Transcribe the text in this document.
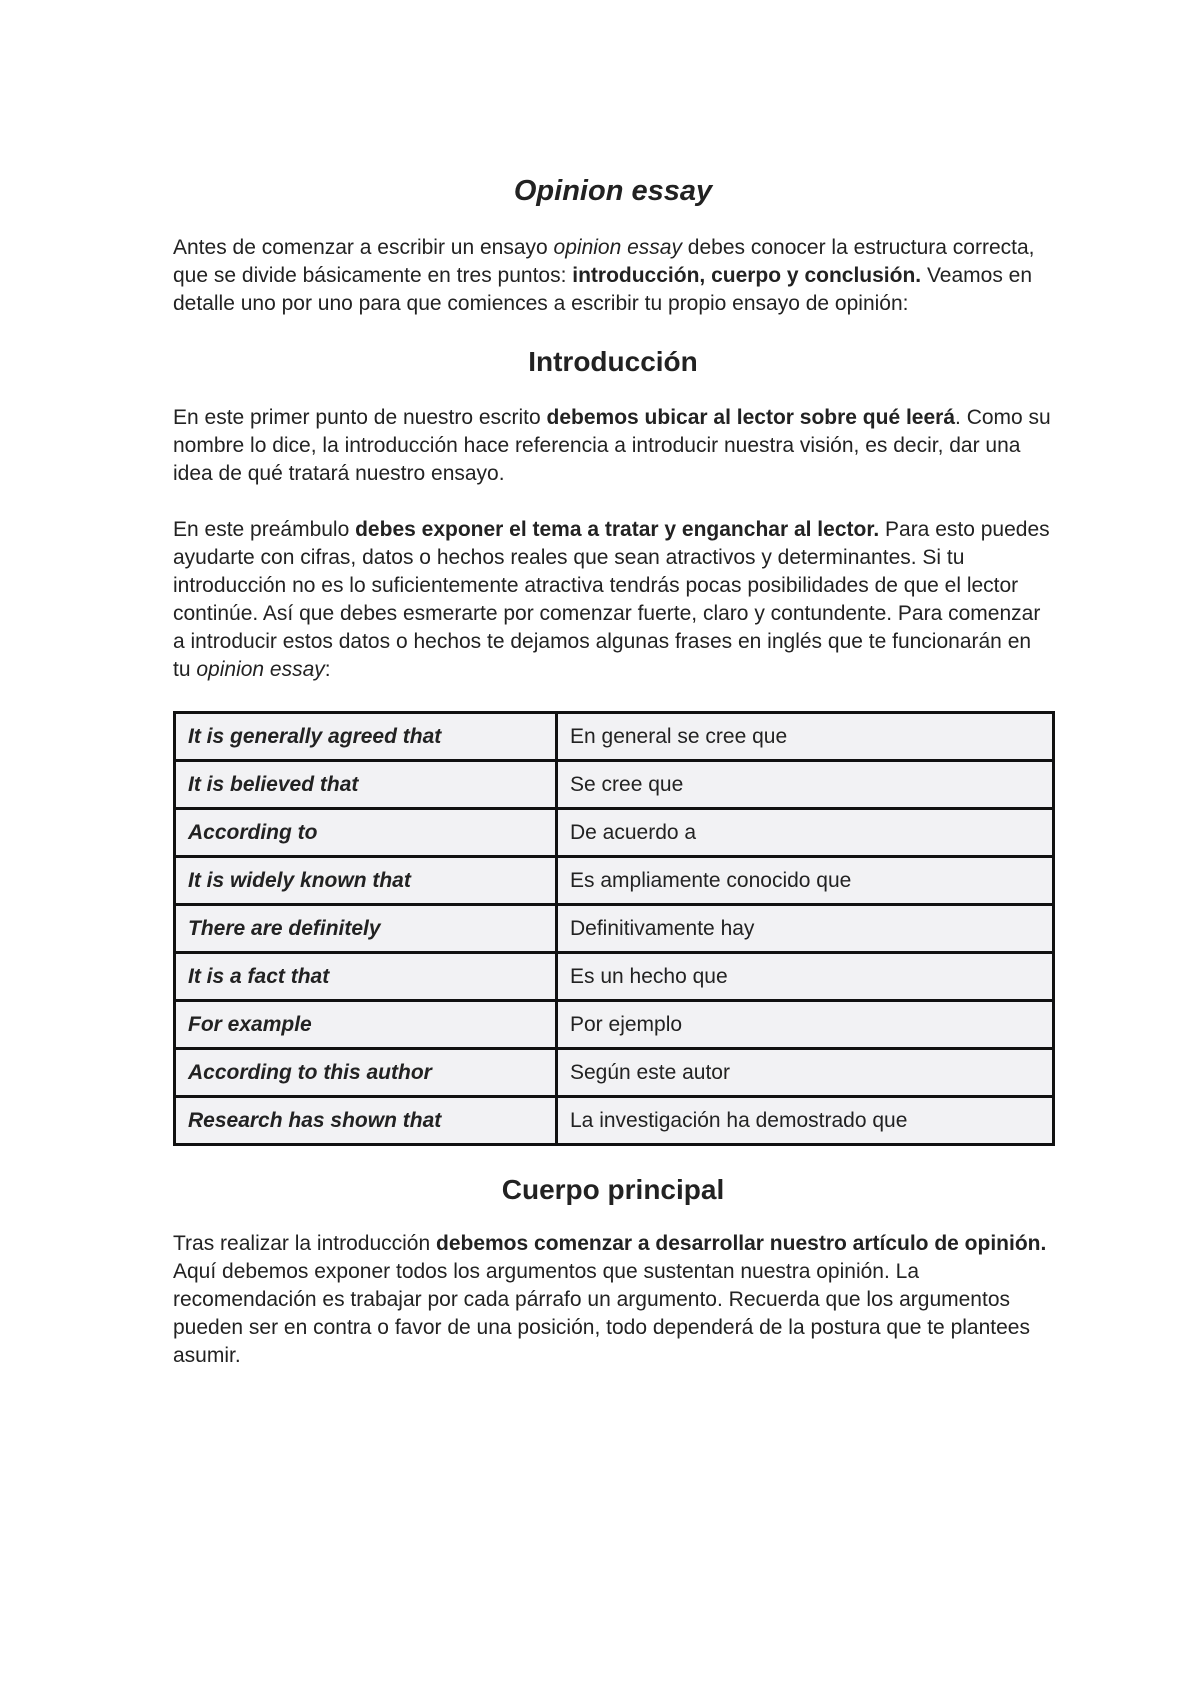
Opinion essay

Antes de comenzar a escribir un ensayo opinion essay debes conocer la estructura correcta, que se divide básicamente en tres puntos: introducción, cuerpo y conclusión. Veamos en detalle uno por uno para que comiences a escribir tu propio ensayo de opinión:

Introducción

En este primer punto de nuestro escrito debemos ubicar al lector sobre qué leerá. Como su nombre lo dice, la introducción hace referencia a introducir nuestra visión, es decir, dar una idea de qué tratará nuestro ensayo.

En este preámbulo debes exponer el tema a tratar y enganchar al lector. Para esto puedes ayudarte con cifras, datos o hechos reales que sean atractivos y determinantes. Si tu introducción no es lo suficientemente atractiva tendrás pocas posibilidades de que el lector continúe. Así que debes esmerarte por comenzar fuerte, claro y contundente. Para comenzar a introducir estos datos o hechos te dejamos algunas frases en inglés que te funcionarán en tu opinion essay:

It is generally agreed that	En general se cree que
It is believed that	Se cree que
According to	De acuerdo a
It is widely known that	Es ampliamente conocido que
There are definitely	Definitivamente hay
It is a fact that	Es un hecho que
For example	Por ejemplo
According to this author	Según este autor
Research has shown that	La investigación ha demostrado que
Cuerpo principal

Tras realizar la introducción debemos comenzar a desarrollar nuestro artículo de opinión. Aquí debemos exponer todos los argumentos que sustentan nuestra opinión. La recomendación es trabajar por cada párrafo un argumento. Recuerda que los argumentos pueden ser en contra o favor de una posición, todo dependerá de la postura que te plantees asumir.
